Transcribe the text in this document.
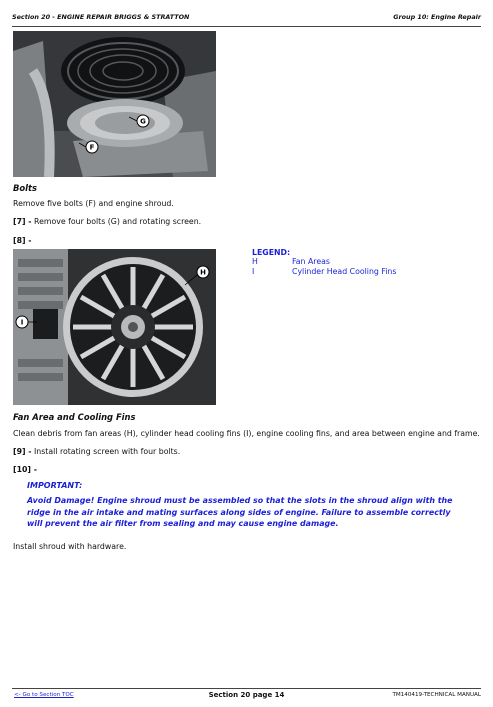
Section 20 - ENGINE REPAIR BRIGGS & STRATTON	Group 10: Engine Repair
G
F
Bolts
Remove five bolts (F) and engine shroud.
[7] - Remove four bolts (G) and rotating screen.
[8] -
H
I
LEGEND:
H	Fan Areas
I	Cylinder Head Cooling Fins
Fan Area and Cooling Fins
Clean debris from fan areas (H), cylinder head cooling fins (I), engine cooling fins, and area between engine and frame.
[9] - Install rotating screen with four bolts.
[10] -
IMPORTANT:
Avoid Damage! Engine shroud must be assembled so that the slots in the shroud align with the ridge in the air intake and mating surfaces along sides of engine. Failure to assemble correctly will prevent the air filter from sealing and may cause engine damage.
Install shroud with hardware.
<- Go to Section TOC	Section 20 page 14	TM140419-TECHNICAL MANUAL
